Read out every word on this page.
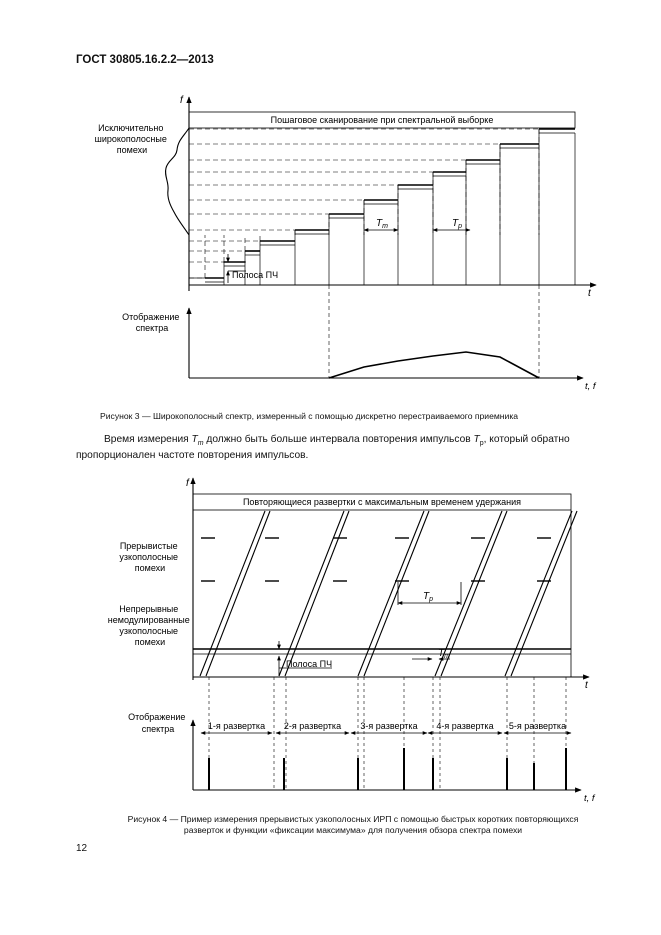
ГОСТ 30805.16.2.2—2013
f
t
Пошаговое сканирование при спектральной выборке
Исключительно широкополосные помехи
Полоса ПЧ
$T_m$	$T_p$
Отображение спектра
t, f
f
t
Повторяющиеся развертки с максимальным временем удержания
Прерывистые узкополосные помехи
Непрерывные немодулированные узкополосные помехи
$T_p$
$T_m$
Полоса ПЧ
Отображение спектра
t, f
1-я развертка 2-я развертка 3-я развертка 4-я развертка 5-я развертка
Рисунок 3 — Широкополосный спектр, измеренный с помощью дискретно перестраиваемого приемника
Время измерения $T_m$ должно быть больше интервала повторения импульсов $T_p$, который обратно
пропорционален частоте повторения импульсов.
Рисунок 4 — Пример измерения прерывистых узкополосных ИРП с помощью быстрых коротких повторяющихся
разверток и функции «фиксации максимума» для получения обзора спектра помехи
12
